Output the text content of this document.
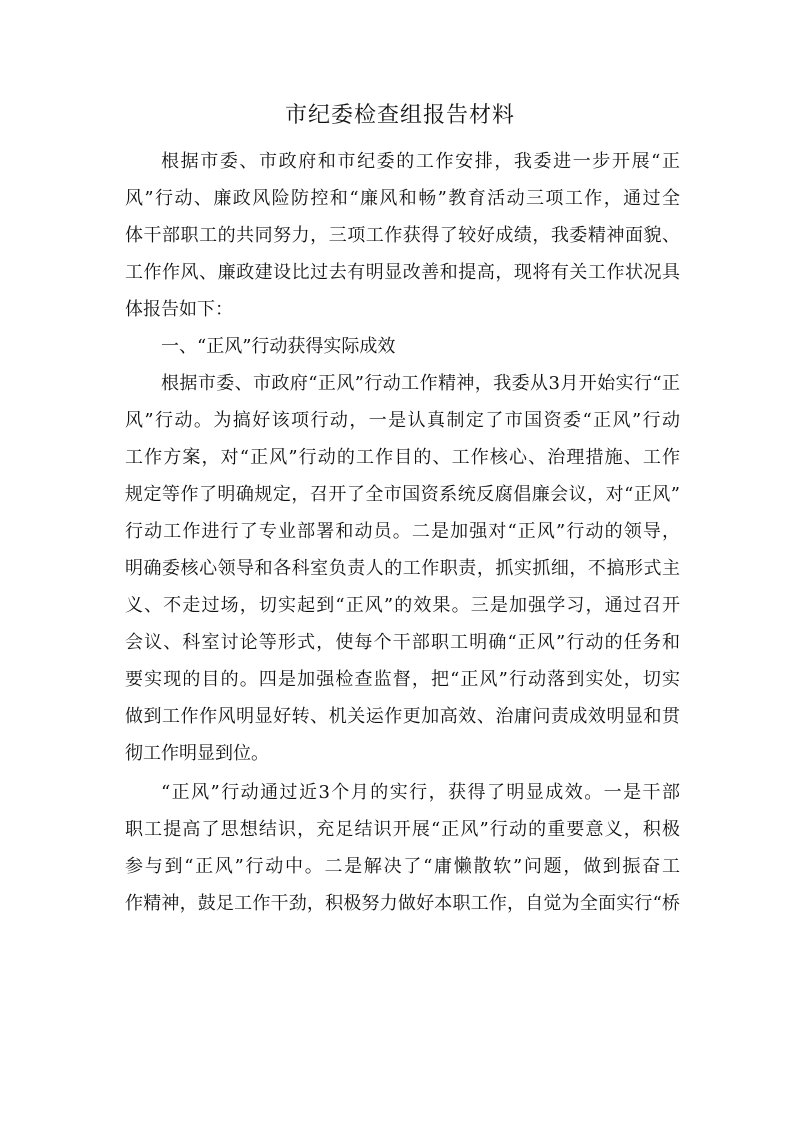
市纪委检查组报告材料
根据市委、市政府和市纪委的工作安排，我委进一步开展“正
风”行动、廉政风险防控和“廉风和畅”教育活动三项工作，通过全
体干部职工的共同努力，三项工作获得了较好成绩，我委精神面貌、
工作作风、廉政建设比过去有明显改善和提高，现将有关工作状况具
体报告如下：
一、“正风”行动获得实际成效
根据市委、市政府“正风”行动工作精神，我委从3月开始实行“正
风”行动。为搞好该项行动，一是认真制定了市国资委“正风”行动
工作方案，对“正风”行动的工作目的、工作核心、治理措施、工作
规定等作了明确规定，召开了全市国资系统反腐倡廉会议，对“正风”
行动工作进行了专业部署和动员。二是加强对“正风”行动的领导，
明确委核心领导和各科室负责人的工作职责，抓实抓细，不搞形式主
义、不走过场，切实起到“正风”的效果。三是加强学习，通过召开
会议、科室讨论等形式，使每个干部职工明确“正风”行动的任务和
要实现的目的。四是加强检查监督，把“正风”行动落到实处，切实
做到工作作风明显好转、机关运作更加高效、治庸问责成效明显和贯
彻工作明显到位。
“正风”行动通过近3个月的实行，获得了明显成效。一是干部
职工提高了思想结识，充足结识开展“正风”行动的重要意义，积极
参与到“正风”行动中。二是解决了“庸懒散软”问题，做到振奋工
作精神，鼓足工作干劲，积极努力做好本职工作，自觉为全面实行“桥
